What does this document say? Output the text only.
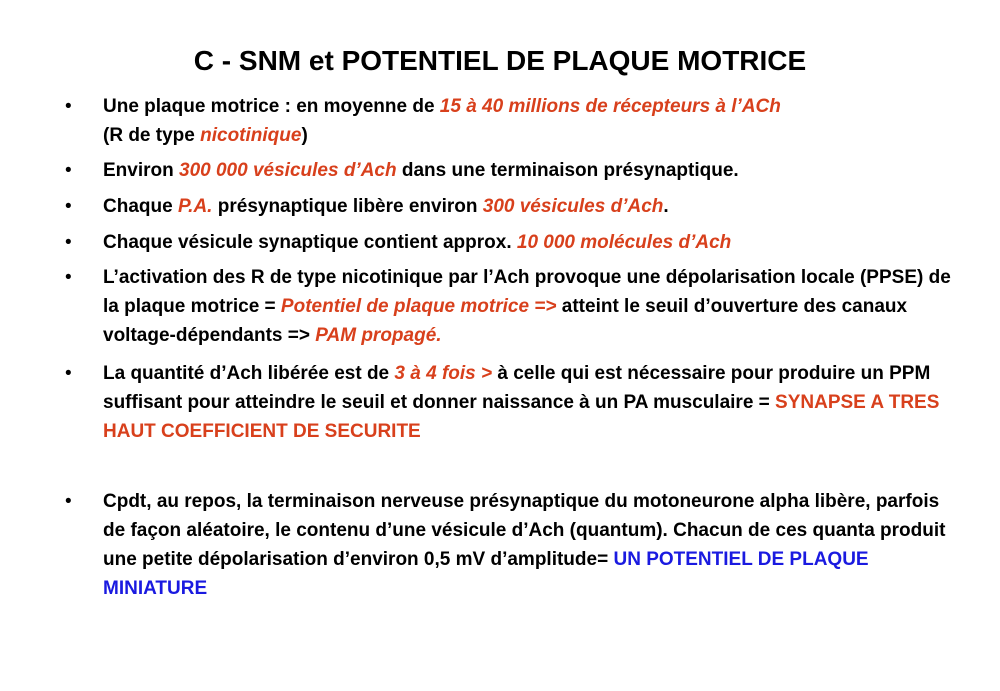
C - SNM et POTENTIEL DE PLAQUE MOTRICE
• Une plaque motrice : en moyenne de 15 à 40 millions de récepteurs à l’ACh
(R de type nicotinique)
• Environ 300 000 vésicules d’Ach dans une terminaison présynaptique.
• Chaque P.A. présynaptique libère environ 300 vésicules d’Ach.
• Chaque vésicule synaptique contient approx. 10 000 molécules d’Ach
• L’activation des R de type nicotinique par l’Ach provoque une dépolarisation locale (PPSE) de la plaque motrice = Potentiel de plaque motrice => atteint le seuil d’ouverture des canaux voltage-dépendants => PAM propagé.
• La quantité d’Ach libérée est de 3 à 4 fois > à celle qui est nécessaire pour produire un PPM suffisant pour atteindre le seuil et donner naissance à un PA musculaire = SYNAPSE A TRES HAUT COEFFICIENT DE SECURITE
• Cpdt, au repos, la terminaison nerveuse présynaptique du motoneurone alpha libère, parfois de façon aléatoire, le contenu d’une vésicule d’Ach (quantum). Chacun de ces quanta produit une petite dépolarisation d’environ 0,5 mV d’amplitude= UN POTENTIEL DE PLAQUE MINIATURE
